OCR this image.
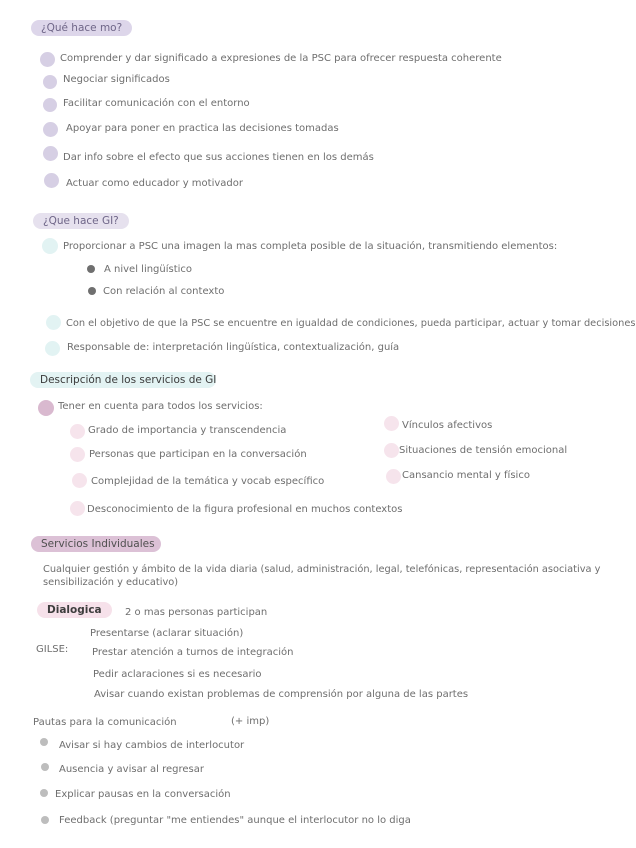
¿Qué hace mo?
Comprender y dar significado a expresiones de la PSC para ofrecer respuesta coherente
Negociar significados
Facilitar comunicación con el entorno
Apoyar para poner en practica las decisiones tomadas
Dar info sobre el efecto que sus acciones tienen en los demás
Actuar como educador y motivador
¿Que hace GI?
Proporcionar a PSC una imagen la mas completa posible de la situación, transmitiendo elementos:
A nivel lingüístico
Con relación al contexto
Con el objetivo de que la PSC se encuentre en igualdad de condiciones, pueda participar, actuar y tomar decisiones
Responsable de: interpretación lingüística, contextualización, guía
Descripción de los servicios de GI
Tener en cuenta para todos los servicios:
Grado de importancia y transcendencia
Personas que participan en la conversación
Complejidad de la temática y vocab específico
Desconocimiento de la figura profesional en muchos contextos
Vínculos afectivos
Situaciones de tensión emocional
Cansancio mental y físico
Servicios Individuales
Cualquier gestión y ámbito de la vida diaria (salud, administración, legal, telefónicas, representación asociativa y
sensibilización y educativo)
Dialogica	2 o mas personas participan
GILSE:
Presentarse (aclarar situación)
Prestar atención a turnos de integración
Pedir aclaraciones si es necesario
Avisar cuando existan problemas de comprensión por alguna de las partes
Pautas para la comunicación	(+ imp)
Avisar si hay cambios de interlocutor
Ausencia y avisar al regresar
Explicar pausas en la conversación
Feedback (preguntar "me entiendes" aunque el interlocutor no lo diga
